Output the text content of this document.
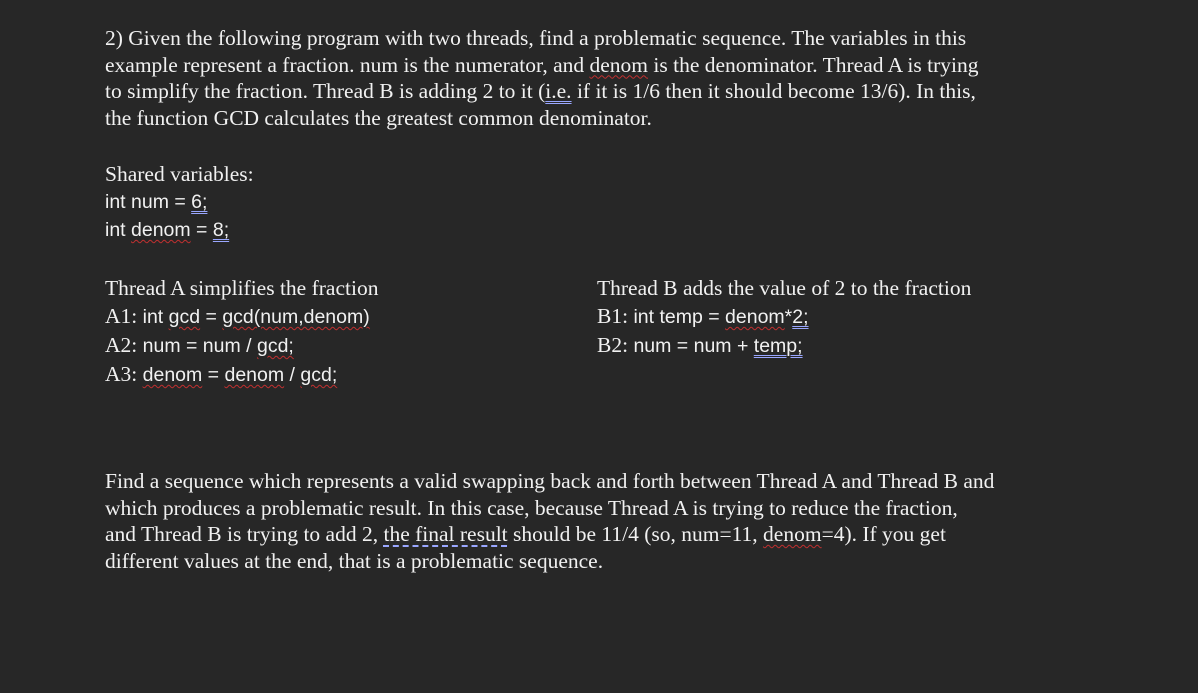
2) Given the following program with two threads, find a problematic sequence. The variables in this
example represent a fraction. num is the numerator, and denom is the denominator. Thread A is trying
to simplify the fraction. Thread B is adding 2 to it (i.e. if it is 1/6 then it should become 13/6). In this,
the function GCD calculates the greatest common denominator.
Shared variables:
int num = 6;
int denom = 8;
Thread A simplifies the fraction
A1: int gcd = gcd(num,denom)
A2: num = num / gcd;
A3: denom = denom / gcd;
Thread B adds the value of 2 to the fraction
B1: int temp = denom*2;
B2: num = num + temp;
Find a sequence which represents a valid swapping back and forth between Thread A and Thread B and
which produces a problematic result. In this case, because Thread A is trying to reduce the fraction,
and Thread B is trying to add 2, the final result should be 11/4 (so, num=11, denom=4). If you get
different values at the end, that is a problematic sequence.
